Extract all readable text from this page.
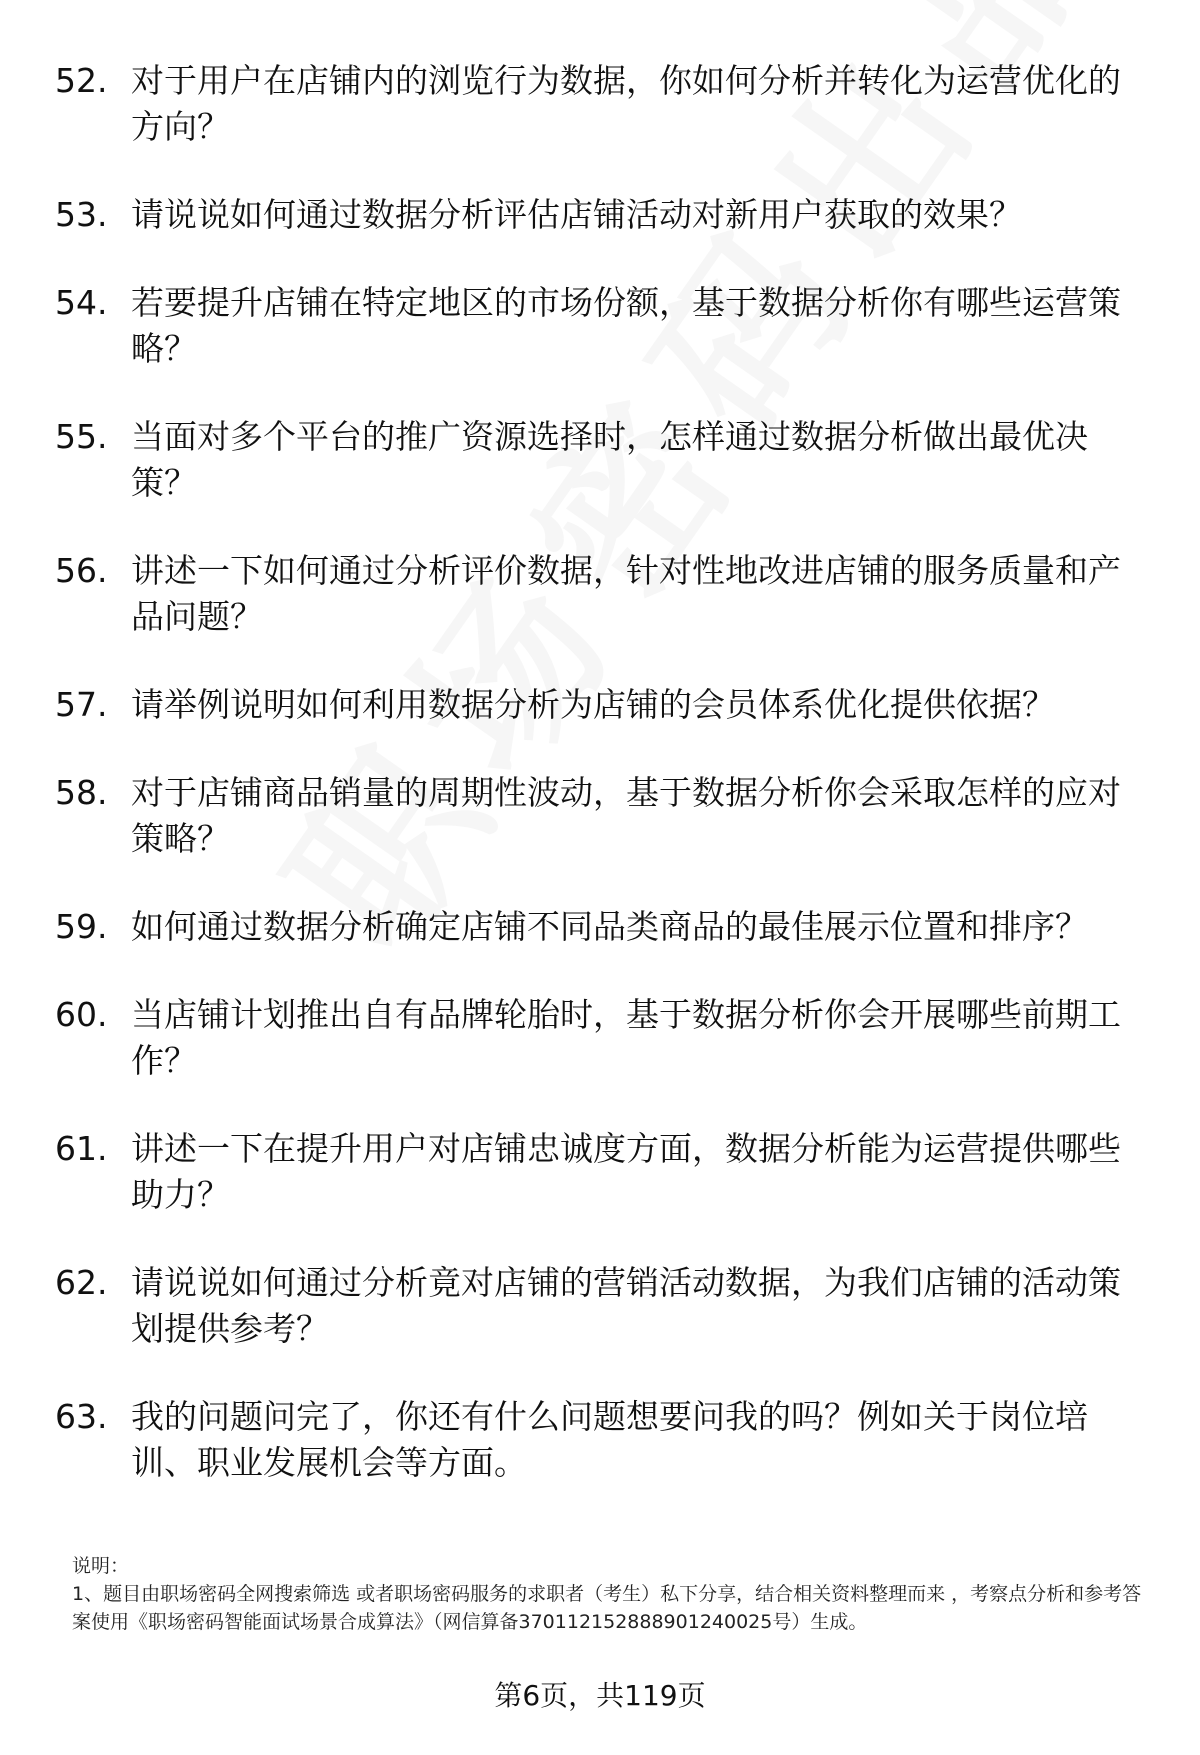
52. 对于用户在店铺内的浏览行为数据，你如何分析并转化为运营优化的方向？
53. 请说说如何通过数据分析评估店铺活动对新用户获取的效果？
54. 若要提升店铺在特定地区的市场份额，基于数据分析你有哪些运营策略？
55. 当面对多个平台的推广资源选择时，怎样通过数据分析做出最优决策？
56. 讲述一下如何通过分析评价数据，针对性地改进店铺的服务质量和产品问题？
57. 请举例说明如何利用数据分析为店铺的会员体系优化提供依据？
58. 对于店铺商品销量的周期性波动，基于数据分析你会采取怎样的应对策略？
59. 如何通过数据分析确定店铺不同品类商品的最佳展示位置和排序？
60. 当店铺计划推出自有品牌轮胎时，基于数据分析你会开展哪些前期工作？
61. 讲述一下在提升用户对店铺忠诚度方面，数据分析能为运营提供哪些助力？
62. 请说说如何通过分析竟对店铺的营销活动数据，为我们店铺的活动策划提供参考？
63. 我的问题问完了，你还有什么问题想要问我的吗？例如关于岗位培训、职业发展机会等方面。
说明：
1、题目由职场密码全网搜索筛选 或者职场密码服务的求职者（考生）私下分享，结合相关资料整理而来 ，考察点分析和参考答案使用《职场密码智能面试场景合成算法》（网信算备370112152888901240025号）生成。
第6页，共119页
